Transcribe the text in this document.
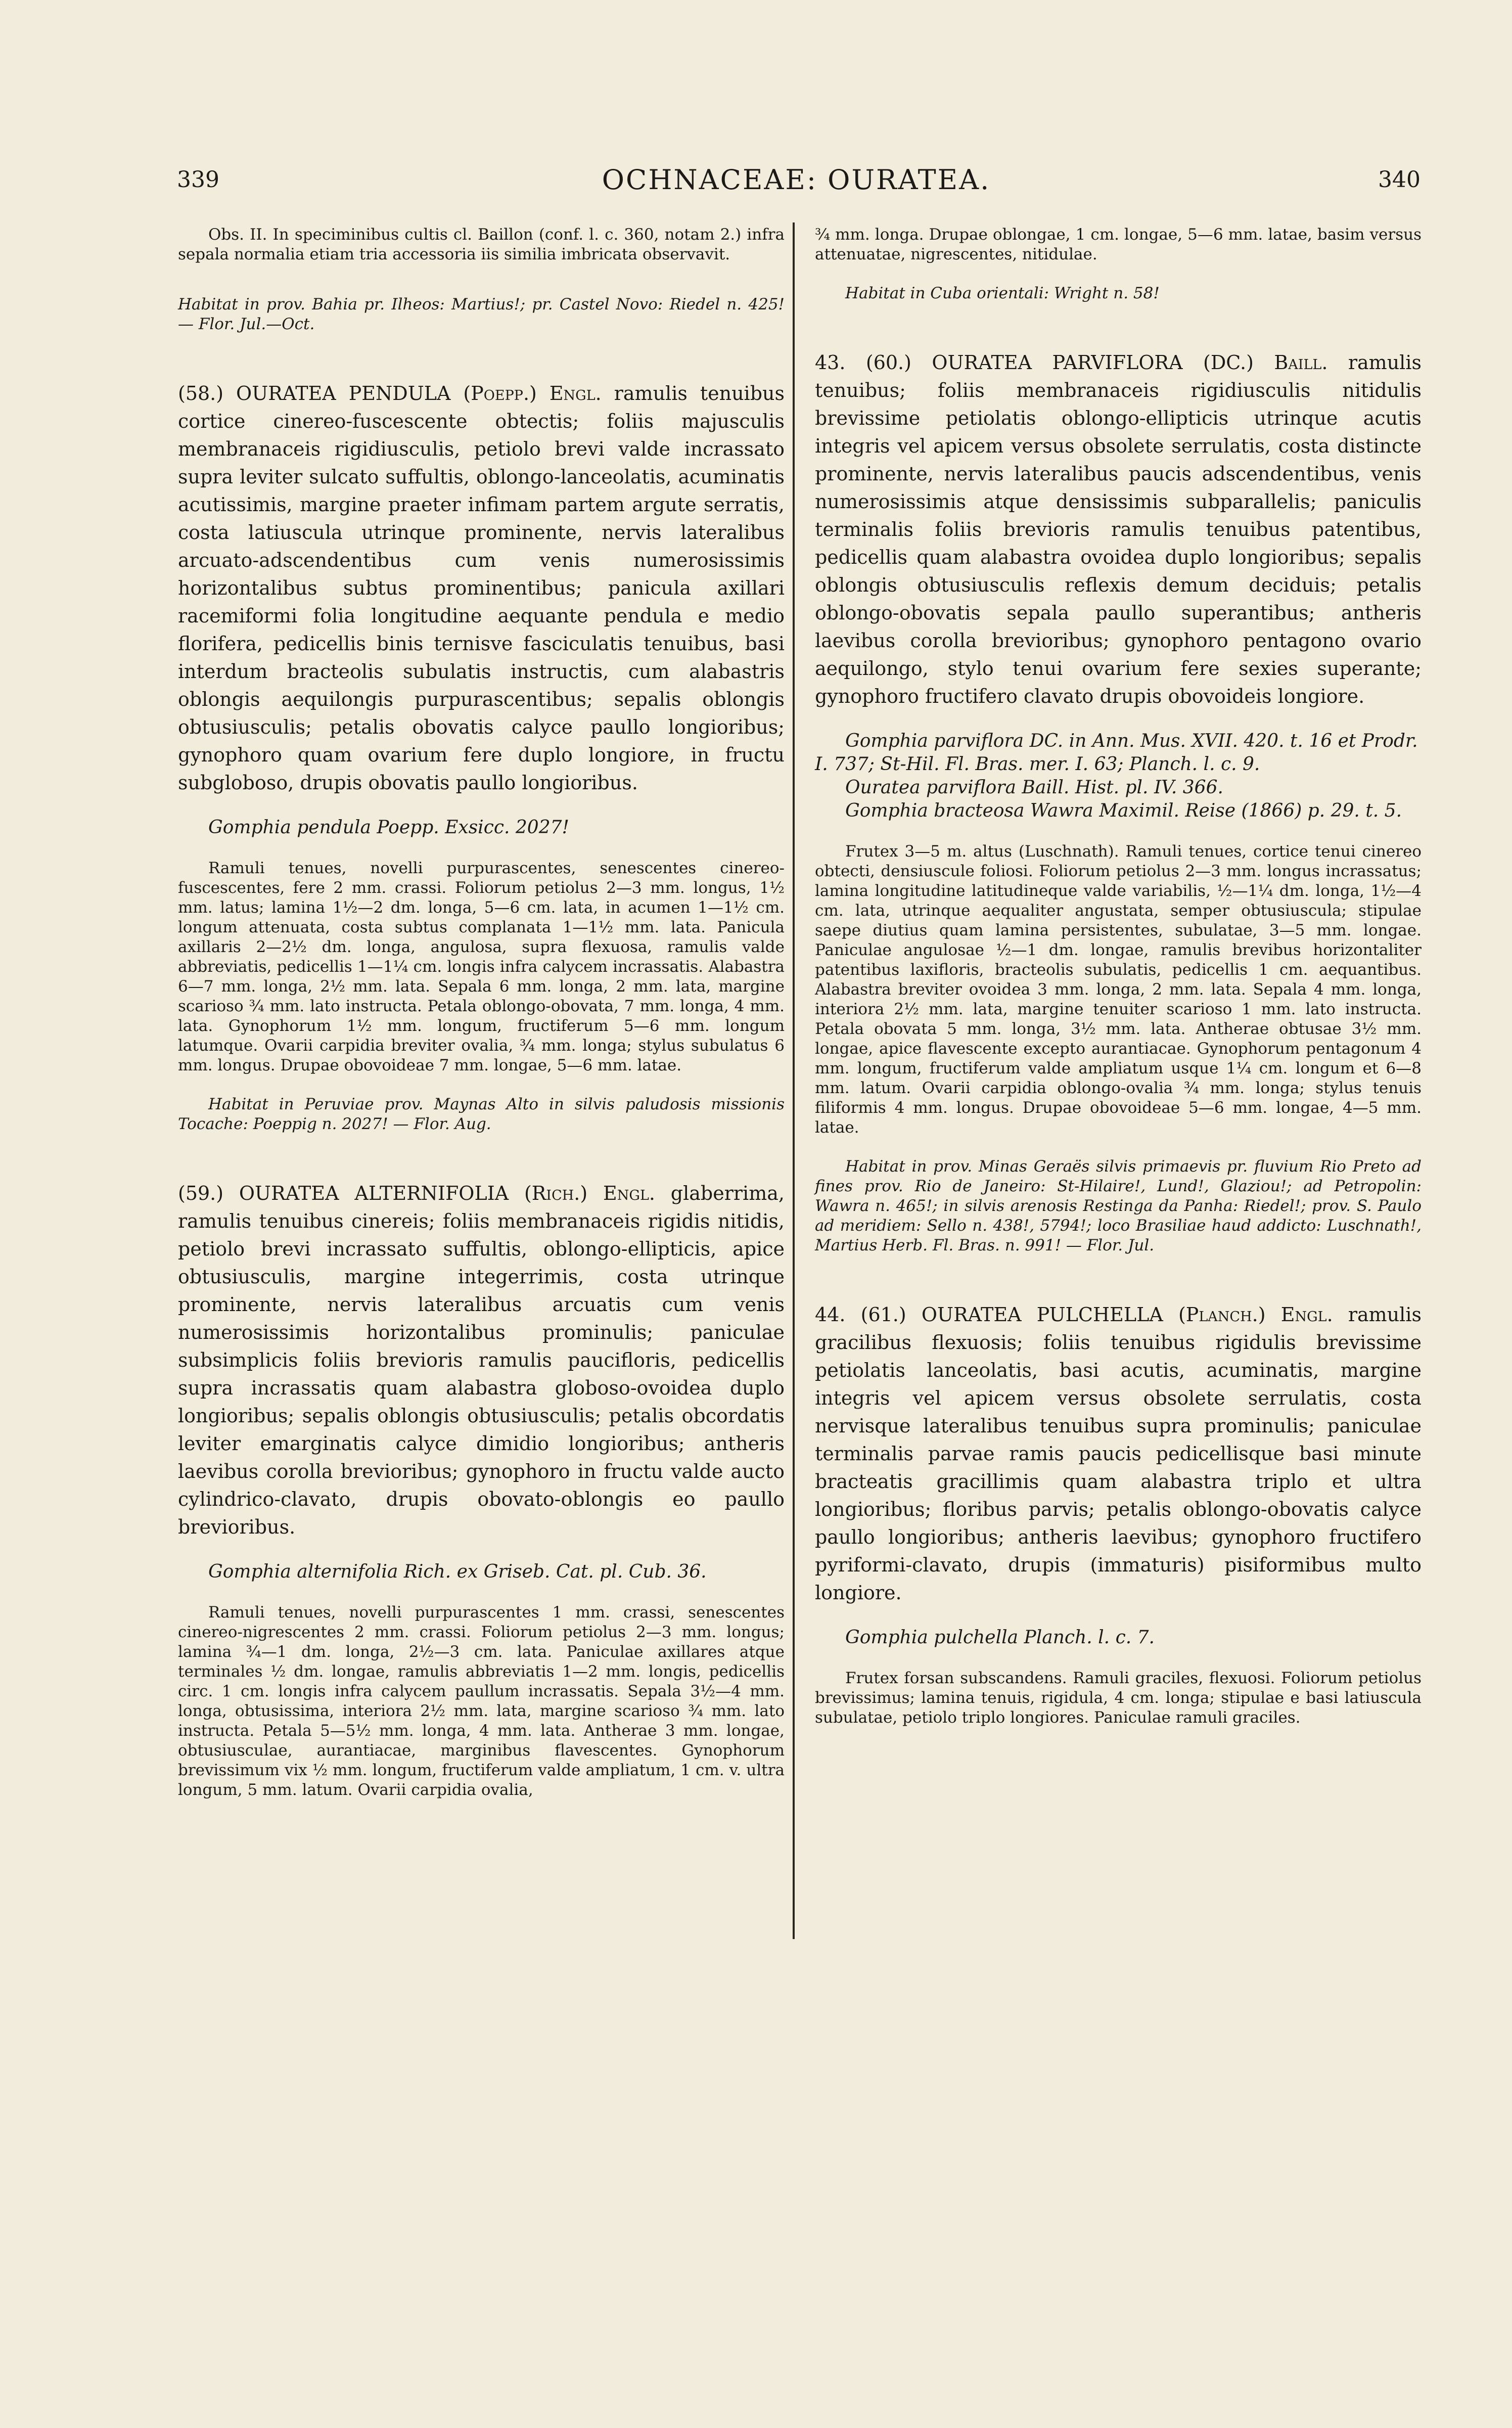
339	OCHNACEAE: OURATEA.	340

Obs. II. In speciminibus cultis cl. Baillon (conf. l. c. 360, notam 2.) infra sepala normalia etiam tria accessoria iis similia imbricata observavit.

Habitat in prov. Bahia pr. Ilheos: Martius!; pr. Castel Novo: Riedel n. 425! — Flor. Jul.—Oct.

(58.) OURATEA PENDULA (Poepp.) Engl. ramulis tenuibus cortice cinereo-fuscescente obtectis; foliis majusculis membranaceis rigidiusculis, petiolo brevi valde incrassato supra leviter sulcato suffultis, oblongo-lanceolatis, acuminatis acutissimis, margine praeter infimam partem argute serratis, costa latiuscula utrinque prominente, nervis lateralibus arcuato-adscendentibus cum venis numerosissimis horizontalibus subtus prominentibus; panicula axillari racemiformi folia longitudine aequante pendula e medio florifera, pedicellis binis ternisve fasciculatis tenuibus, basi interdum bracteolis subulatis instructis, cum alabastris oblongis aequilongis purpurascentibus; sepalis oblongis obtusiusculis; petalis obovatis calyce paullo longioribus; gynophoro quam ovarium fere duplo longiore, in fructu subgloboso, drupis obovatis paullo longioribus.

Gomphia pendula Poepp. Exsicc. 2027!

Ramuli tenues, novelli purpurascentes, senescentes cinereo-fuscescentes, fere 2 mm. crassi. Foliorum petiolus 2—3 mm. longus, 1½ mm. latus; lamina 1½—2 dm. longa, 5—6 cm. lata, in acumen 1—1½ cm. longum attenuata, costa subtus complanata 1—1½ mm. lata. Panicula axillaris 2—2½ dm. longa, angulosa, supra flexuosa, ramulis valde abbreviatis, pedicellis 1—1¼ cm. longis infra calycem incrassatis. Alabastra 6—7 mm. longa, 2½ mm. lata. Sepala 6 mm. longa, 2 mm. lata, margine scarioso ¾ mm. lato instructa. Petala oblongo-obovata, 7 mm. longa, 4 mm. lata. Gynophorum 1½ mm. longum, fructiferum 5—6 mm. longum latumque. Ovarii carpidia breviter ovalia, ¾ mm. longa; stylus subulatus 6 mm. longus. Drupae obovoideae 7 mm. longae, 5—6 mm. latae.

Habitat in Peruviae prov. Maynas Alto in silvis paludosis missionis Tocache: Poeppig n. 2027! — Flor. Aug.

(59.) OURATEA ALTERNIFOLIA (Rich.) Engl. glaberrima, ramulis tenuibus cinereis; foliis membranaceis rigidis nitidis, petiolo brevi incrassato suffultis, oblongo-ellipticis, apice obtusiusculis, margine integerrimis, costa utrinque prominente, nervis lateralibus arcuatis cum venis numerosissimis horizontalibus prominulis; paniculae subsimplicis foliis brevioris ramulis paucifloris, pedicellis supra incrassatis quam alabastra globoso-ovoidea duplo longioribus; sepalis oblongis obtusiusculis; petalis obcordatis leviter emarginatis calyce dimidio longioribus; antheris laevibus corolla brevioribus; gynophoro in fructu valde aucto cylindrico-clavato, drupis obovato-oblongis eo paullo brevioribus.

Gomphia alternifolia Rich. ex Griseb. Cat. pl. Cub. 36.

Ramuli tenues, novelli purpurascentes 1 mm. crassi, senescentes cinereo-nigrescentes 2 mm. crassi. Foliorum petiolus 2—3 mm. longus; lamina ¾—1 dm. longa, 2½—3 cm. lata. Paniculae axillares atque terminales ½ dm. longae, ramulis abbreviatis 1—2 mm. longis, pedicellis circ. 1 cm. longis infra calycem paullum incrassatis. Sepala 3½—4 mm. longa, obtusissima, interiora 2½ mm. lata, margine scarioso ¾ mm. lato instructa. Petala 5—5½ mm. longa, 4 mm. lata. Antherae 3 mm. longae, obtusiusculae, aurantiacae, marginibus flavescentes. Gynophorum brevissimum vix ½ mm. longum, fructiferum valde ampliatum, 1 cm. v. ultra longum, 5 mm. latum. Ovarii carpidia ovalia,

¾ mm. longa. Drupae oblongae, 1 cm. longae, 5—6 mm. latae, basim versus attenuatae, nigrescentes, nitidulae.

Habitat in Cuba orientali: Wright n. 58!

43. (60.) OURATEA PARVIFLORA (DC.) Baill. ramulis tenuibus; foliis membranaceis rigidiusculis nitidulis brevissime petiolatis oblongo-ellipticis utrinque acutis integris vel apicem versus obsolete serrulatis, costa distincte prominente, nervis lateralibus paucis adscendentibus, venis numerosissimis atque densissimis subparallelis; paniculis terminalis foliis brevioris ramulis tenuibus patentibus, pedicellis quam alabastra ovoidea duplo longioribus; sepalis oblongis obtusiusculis reflexis demum deciduis; petalis oblongo-obovatis sepala paullo superantibus; antheris laevibus corolla brevioribus; gynophoro pentagono ovario aequilongo, stylo tenui ovarium fere sexies superante; gynophoro fructifero clavato drupis obovoideis longiore.

Gomphia parviflora DC. in Ann. Mus. XVII. 420. t. 16 et Prodr. I. 737; St-Hil. Fl. Bras. mer. I. 63; Planch. l. c. 9.

Ouratea parviflora Baill. Hist. pl. IV. 366.

Gomphia bracteosa Wawra Maximil. Reise (1866) p. 29. t. 5.

Frutex 3—5 m. altus (Luschnath). Ramuli tenues, cortice tenui cinereo obtecti, densiuscule foliosi. Foliorum petiolus 2—3 mm. longus incrassatus; lamina longitudine latitudineque valde variabilis, ½—1¼ dm. longa, 1½—4 cm. lata, utrinque aequaliter angustata, semper obtusiuscula; stipulae saepe diutius quam lamina persistentes, subulatae, 3—5 mm. longae. Paniculae angulosae ½—1 dm. longae, ramulis brevibus horizontaliter patentibus laxifloris, bracteolis subulatis, pedicellis 1 cm. aequantibus. Alabastra breviter ovoidea 3 mm. longa, 2 mm. lata. Sepala 4 mm. longa, interiora 2½ mm. lata, margine tenuiter scarioso 1 mm. lato instructa. Petala obovata 5 mm. longa, 3½ mm. lata. Antherae obtusae 3½ mm. longae, apice flavescente excepto aurantiacae. Gynophorum pentagonum 4 mm. longum, fructiferum valde ampliatum usque 1¼ cm. longum et 6—8 mm. latum. Ovarii carpidia oblongo-ovalia ¾ mm. longa; stylus tenuis filiformis 4 mm. longus. Drupae obovoideae 5—6 mm. longae, 4—5 mm. latae.

Habitat in prov. Minas Geraës silvis primaevis pr. fluvium Rio Preto ad fines prov. Rio de Janeiro: St-Hilaire!, Lund!, Glaziou!; ad Petropolin: Wawra n. 465!; in silvis arenosis Restinga da Panha: Riedel!; prov. S. Paulo ad meridiem: Sello n. 438!, 5794!; loco Brasiliae haud addicto: Luschnath!, Martius Herb. Fl. Bras. n. 991! — Flor. Jul.

44. (61.) OURATEA PULCHELLA (Planch.) Engl. ramulis gracilibus flexuosis; foliis tenuibus rigidulis brevissime petiolatis lanceolatis, basi acutis, acuminatis, margine integris vel apicem versus obsolete serrulatis, costa nervisque lateralibus tenuibus supra prominulis; paniculae terminalis parvae ramis paucis pedicellisque basi minute bracteatis gracillimis quam alabastra triplo et ultra longioribus; floribus parvis; petalis oblongo-obovatis calyce paullo longioribus; antheris laevibus; gynophoro fructifero pyriformi-clavato, drupis (immaturis) pisiformibus multo longiore.

Gomphia pulchella Planch. l. c. 7.

Frutex forsan subscandens. Ramuli graciles, flexuosi. Foliorum petiolus brevissimus; lamina tenuis, rigidula, 4 cm. longa; stipulae e basi latiuscula subulatae, petiolo triplo longiores. Paniculae ramuli graciles.
